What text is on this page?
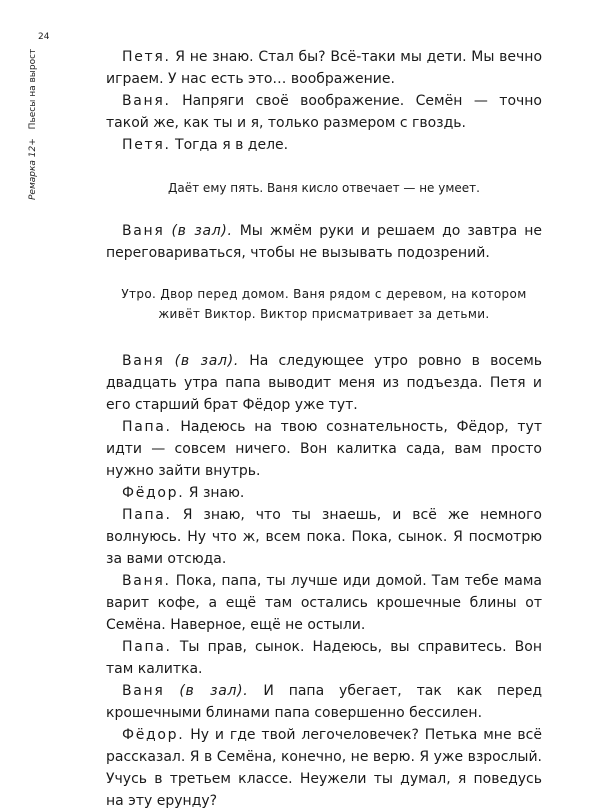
24
Ремарка 12+ Пьесы на вырост	Петя. Я не знаю. Стал бы? Всё-таки мы дети. Мы вечно играем. У нас есть это… воображение.

Ваня. Напряги своё воображение. Семён — точно такой же, как ты и я, только размером с гвоздь.

Петя. Тогда я в деле.

Даёт ему пять. Ваня кисло отвечает — не умеет.

Ваня (в зал). Мы жмём руки и решаем до завтра не переговариваться, чтобы не вызывать подозрений.

Утро. Двор перед домом. Ваня рядом с деревом, на котором живёт Виктор. Виктор присматривает за детьми.

Ваня (в зал). На следующее утро ровно в восемь двадцать утра папа выводит меня из подъезда. Петя и его старший брат Фёдор уже тут.

Папа. Надеюсь на твою сознательность, Фёдор, тут идти — совсем ничего. Вон калитка сада, вам просто нужно зайти внутрь.

Фёдор. Я знаю.

Папа. Я знаю, что ты знаешь, и всё же немного волнуюсь. Ну что ж, всем пока. Пока, сынок. Я посмотрю за вами отсюда.

Ваня. Пока, папа, ты лучше иди домой. Там тебе мама варит кофе, а ещё там остались крошечные блины от Семёна. Наверное, ещё не остыли.

Папа. Ты прав, сынок. Надеюсь, вы справитесь. Вон там калитка.

Ваня (в зал). И папа убегает, так как перед крошечными блинами папа совершенно бессилен.

Фёдор. Ну и где твой легочеловечек? Петька мне всё рассказал. Я в Семёна, конечно, не верю. Я уже взрослый. Учусь в третьем классе. Неужели ты думал, я поведусь на эту ерунду?
